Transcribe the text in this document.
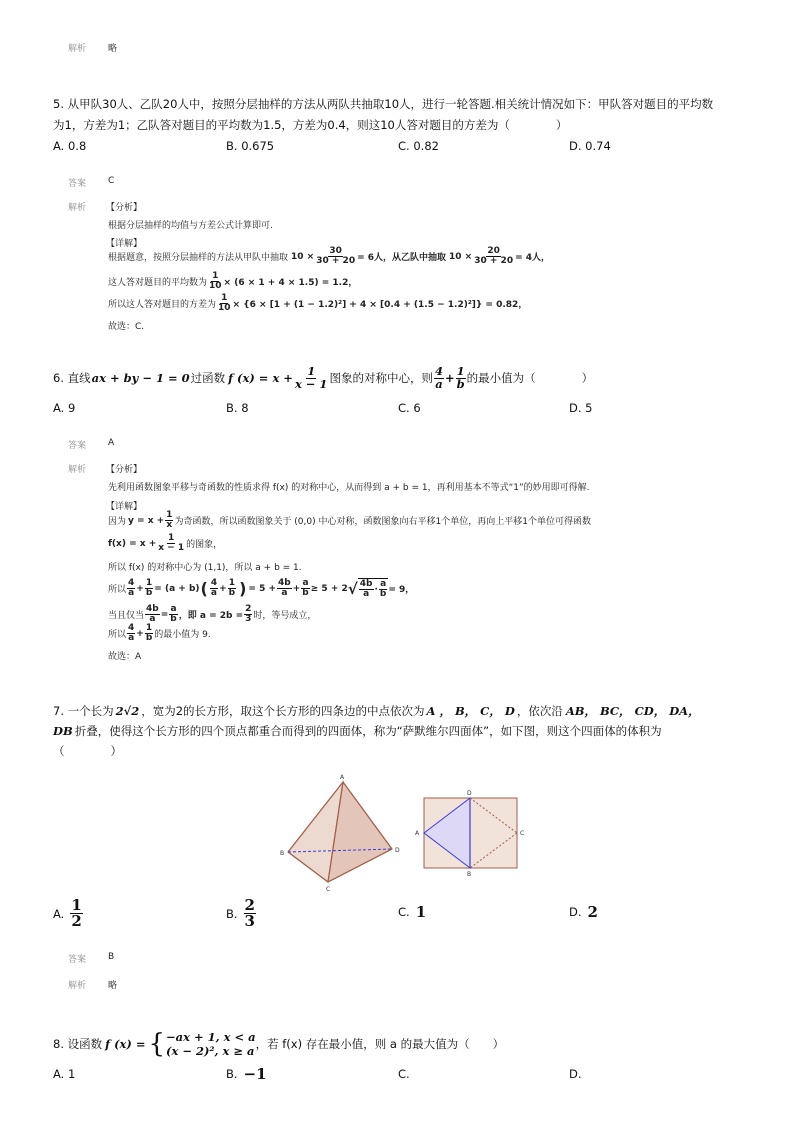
解析 略
5. 从甲队30人、乙队20人中，按照分层抽样的方法从两队共抽取10人，进行一轮答题.相关统计情况如下：甲队答对题目的平均数
为1，方差为1；乙队答对题目的平均数为1.5，方差为0.4，则这10人答对题目的方差为（　　　　）
A. 0.8	B. 0.675	C. 0.82	D. 0.74
答案 C
解析 【分析】
根据分层抽样的均值与方差公式计算即可.
【详解】
根据题意，按照分层抽样的方法从甲队中抽取 $10 \times \frac{30}{30 + 20} = 6$人，从乙队中抽取 $10 \times \frac{20}{30 + 20} = 4$人，
这人答对题目的平均数为 $\frac{1}{10} \times (6 \times 1 + 4 \times 1.5) = 1.2$，
所以这人答对题目的方差为 $\frac{1}{10} \times \{6 \times [1 + (1 - 1.2)^2] + 4 \times [0.4 + (1.5 - 1.2)^2]\} = 0.82$，
故选：C.
6. 直线 ax + by − 1 = 0 过函数 f $(x) = x + \frac{1}{x - 1}$ 图象的对称中心，则 $\frac{4}{a} + \frac{1}{b}$ 的最小值为（　　　　）
A. 9	B. 8	C. 6	D. 5
答案 A
解析 【分析】
先利用函数图象平移与奇函数的性质求得 f(x) 的对称中心，从而得到 a + b = 1，再利用基本不等式“1”的妙用即可得解.
【详解】
因为 $y = x + \frac{1}{x}$ 为奇函数，所以函数图象关于 (0,0) 中心对称，函数图象向右平移1个单位，再向上平移1个单位可得函数
$f(x) = x + \frac{1}{x - 1}$ 的图象，
所以 f(x) 的对称中心为 (1,1)，所以 a + b = 1.
所以 $\frac{4}{a} + \frac{1}{b} = (a + b)$ ( $\frac{4}{a} + \frac{1}{b}$ ) = $5 + \frac{4b}{a} + \frac{a}{b} \ge 5 + 2$ √ $\frac{4b}{a} \cdot \frac{a}{b} = 9$，
当且仅当 $\frac{4b}{a} = \frac{a}{b}$ ，即 $a = 2b = \frac{2}{3}$ 时，等号成立，
所以 $\frac{4}{a} + \frac{1}{b}$ 的最小值为 9.
故选：A
7. 一个长为 2√2 ，宽为2的长方形，取这个长方形的四条边的中点依次为 A ， B， C， D ，依次沿 AB， BC， CD， DA，
DB 折叠，使得这个长方形的四个顶点都重合而得到的四面体，称为“萨默维尔四面体”，如下图，则这个四面体的体积为
（　　　　）
A
B
C
D
A
D
C
B
A. $\frac{1}{2}$	B. $\frac{2}{3}$	C. 1	D. 2
答案 B
解析 略
8. 设函数 f (x) = { −ax + 1, x < a
(x − 2)², x ≥ a ，若 f(x) 存在最小值，则 a 的最大值为（　　）
A. 1	B. −1	C.	D.
